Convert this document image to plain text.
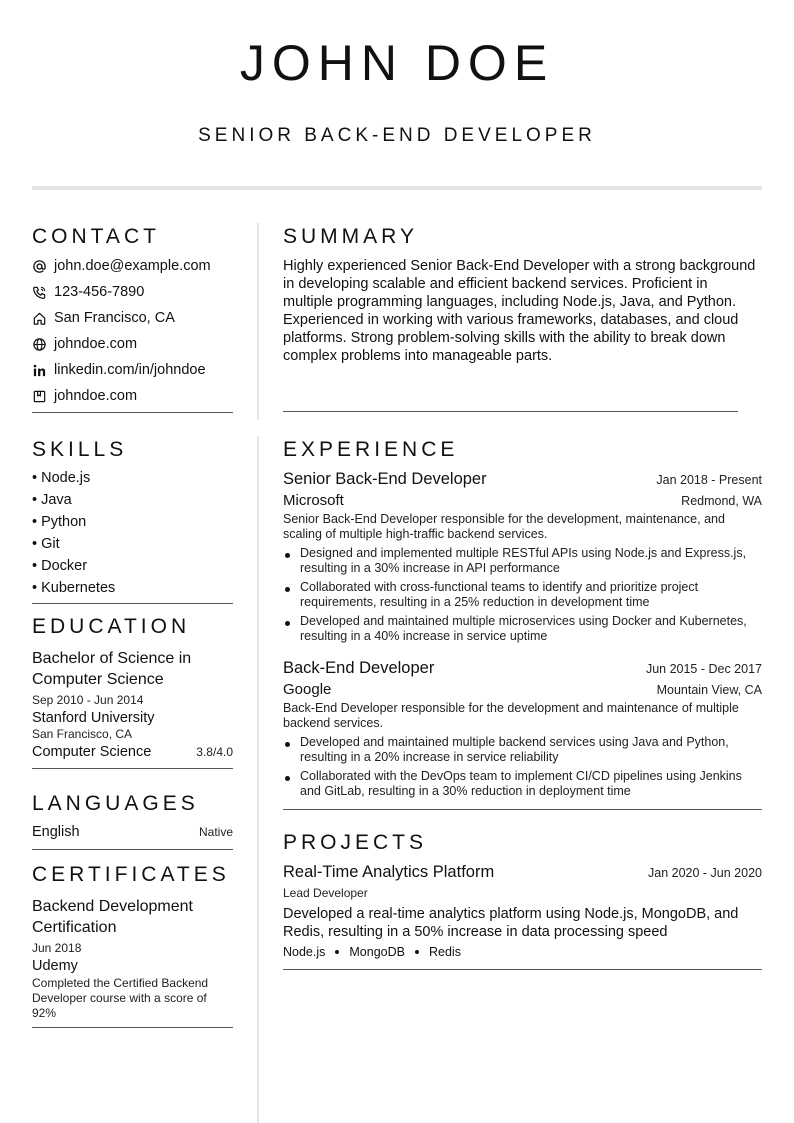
JOHN DOE
SENIOR BACK-END DEVELOPER
CONTACT
john.doe@example.com
123-456-7890
San Francisco, CA
johndoe.com
linkedin.com/in/johndoe
johndoe.com
SKILLS
• Node.js
• Java
• Python
• Git
• Docker
• Kubernetes
EDUCATION
Bachelor of Science in Computer Science
Sep 2010 - Jun 2014
Stanford University
San Francisco, CA
Computer Science	3.8/4.0
LANGUAGES
English	Native
CERTIFICATES
Backend Development Certification
Jun 2018
Udemy
Completed the Certified Backend Developer course with a score of 92%
SUMMARY
Highly experienced Senior Back-End Developer with a strong background in developing scalable and efficient backend services. Proficient in multiple programming languages, including Node.js, Java, and Python. Experienced in working with various frameworks, databases, and cloud platforms. Strong problem-solving skills with the ability to break down complex problems into manageable parts.
EXPERIENCE
Senior Back-End Developer	Jan 2018 - Present
Microsoft	Redmond, WA
Senior Back-End Developer responsible for the development, maintenance, and scaling of multiple high-traffic backend services.
Designed and implemented multiple RESTful APIs using Node.js and Express.js, resulting in a 30% increase in API performance
Collaborated with cross-functional teams to identify and prioritize project requirements, resulting in a 25% reduction in development time
Developed and maintained multiple microservices using Docker and Kubernetes, resulting in a 40% increase in service uptime
Back-End Developer	Jun 2015 - Dec 2017
Google	Mountain View, CA
Back-End Developer responsible for the development and maintenance of multiple backend services.
Developed and maintained multiple backend services using Java and Python, resulting in a 20% increase in service reliability
Collaborated with the DevOps team to implement CI/CD pipelines using Jenkins and GitLab, resulting in a 30% reduction in deployment time
PROJECTS
Real-Time Analytics Platform	Jan 2020 - Jun 2020
Lead Developer
Developed a real-time analytics platform using Node.js, MongoDB, and Redis, resulting in a 50% increase in data processing speed
Node.js MongoDB Redis
